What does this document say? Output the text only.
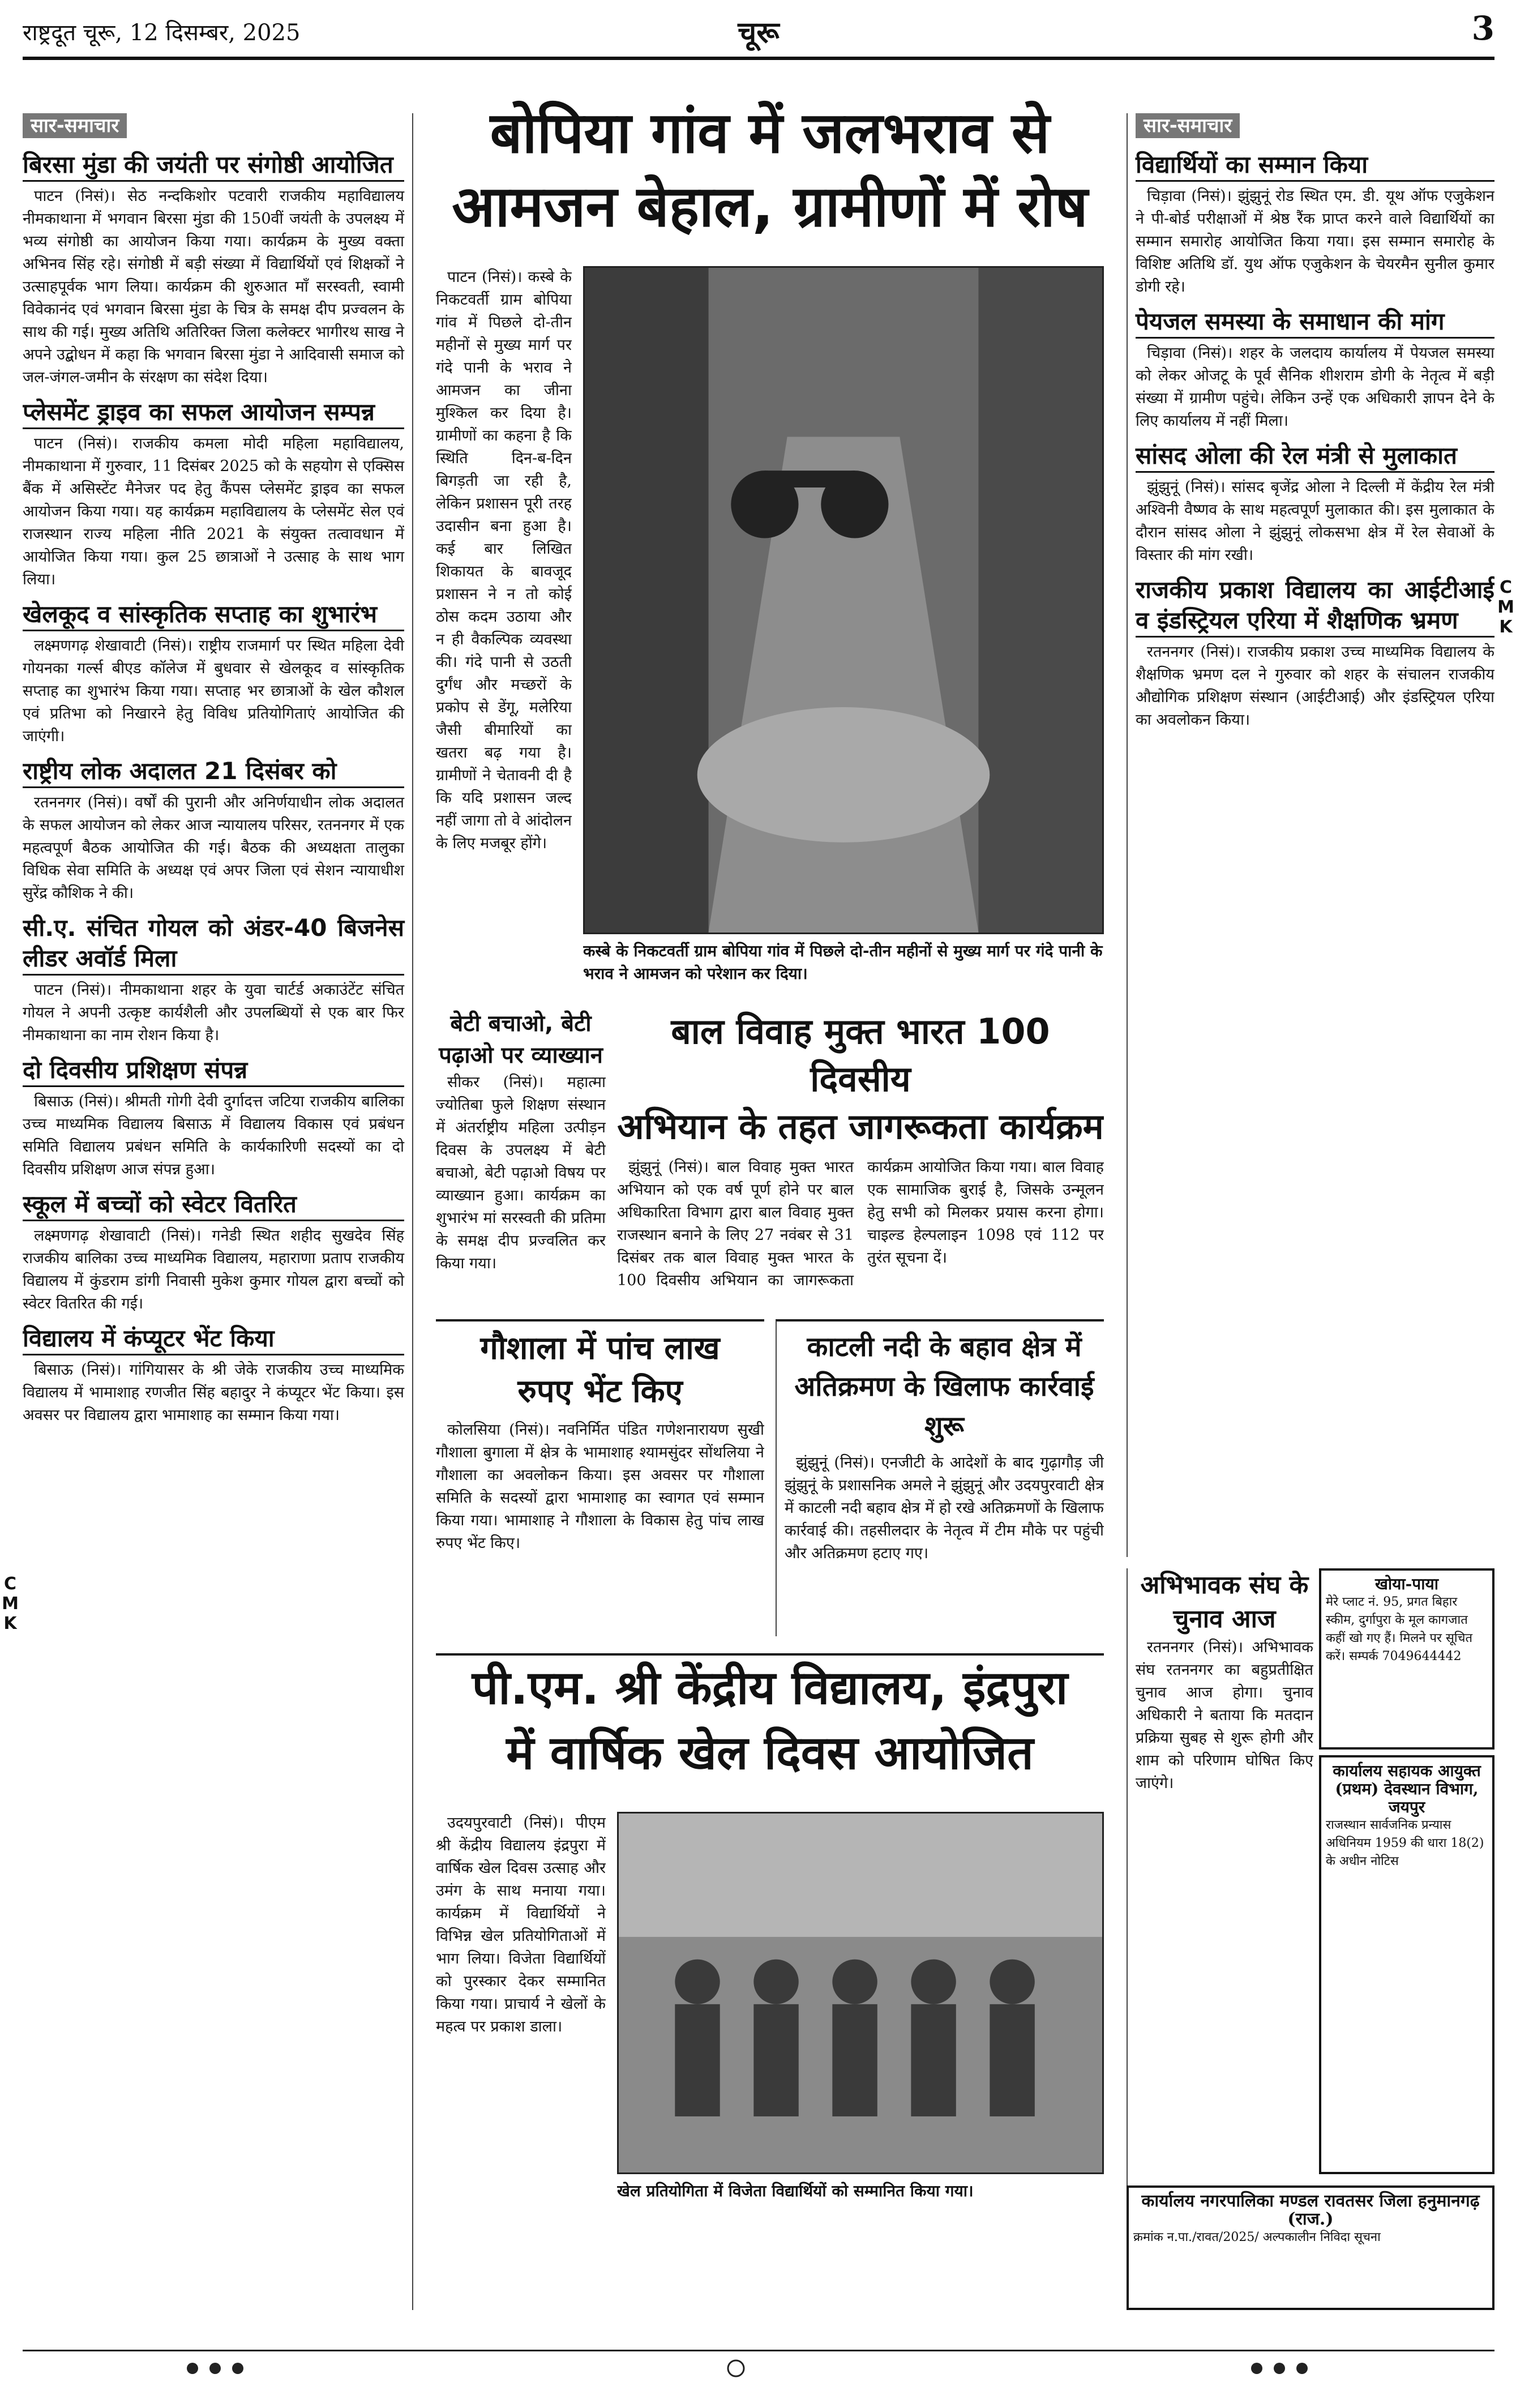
राष्ट्रदूत चूरू, 12 दिसम्बर, 2025	चूरू	3
सार-समाचार
बिरसा मुंडा की जयंती पर संगोष्ठी आयोजित

पाटन (निसं)। सेठ नन्दकिशोर पटवारी राजकीय महाविद्यालय नीमकाथाना में भगवान बिरसा मुंडा की 150वीं जयंती के उपलक्ष्य में भव्य संगोष्ठी का आयोजन किया गया। कार्यक्रम के मुख्य वक्ता अभिनव सिंह रहे। संगोष्ठी में बड़ी संख्या में विद्यार्थियों एवं शिक्षकों ने उत्साहपूर्वक भाग लिया। कार्यक्रम की शुरुआत माँ सरस्वती, स्वामी विवेकानंद एवं भगवान बिरसा मुंडा के चित्र के समक्ष दीप प्रज्वलन के साथ की गई। मुख्य अतिथि अतिरिक्त जिला कलेक्टर भागीरथ साख ने अपने उद्बोधन में कहा कि भगवान बिरसा मुंडा ने आदिवासी समाज को जल-जंगल-जमीन के संरक्षण का संदेश दिया।

प्लेसमेंट ड्राइव का सफल आयोजन सम्पन्न

पाटन (निसं)। राजकीय कमला मोदी महिला महाविद्यालय, नीमकाथाना में गुरुवार, 11 दिसंबर 2025 को के सहयोग से एक्सिस बैंक में असिस्टेंट मैनेजर पद हेतु कैंपस प्लेसमेंट ड्राइव का सफल आयोजन किया गया। यह कार्यक्रम महाविद्यालय के प्लेसमेंट सेल एवं राजस्थान राज्य महिला नीति 2021 के संयुक्त तत्वावधान में आयोजित किया गया। कुल 25 छात्राओं ने उत्साह के साथ भाग लिया।

खेलकूद व सांस्कृतिक सप्ताह का शुभारंभ

लक्ष्मणगढ़ शेखावाटी (निसं)। राष्ट्रीय राजमार्ग पर स्थित महिला देवी गोयनका गर्ल्स बीएड कॉलेज में बुधवार से खेलकूद व सांस्कृतिक सप्ताह का शुभारंभ किया गया। सप्ताह भर छात्राओं के खेल कौशल एवं प्रतिभा को निखारने हेतु विविध प्रतियोगिताएं आयोजित की जाएंगी।

राष्ट्रीय लोक अदालत 21 दिसंबर को

रतननगर (निसं)। वर्षों की पुरानी और अनिर्णयाधीन लोक अदालत के सफल आयोजन को लेकर आज न्यायालय परिसर, रतननगर में एक महत्वपूर्ण बैठक आयोजित की गई। बैठक की अध्यक्षता तालुका विधिक सेवा समिति के अध्यक्ष एवं अपर जिला एवं सेशन न्यायाधीश सुरेंद्र कौशिक ने की।

सी.ए. संचित गोयल को अंडर-40 बिजनेस लीडर अवॉर्ड मिला

पाटन (निसं)। नीमकाथाना शहर के युवा चार्टर्ड अकाउंटेंट संचित गोयल ने अपनी उत्कृष्ट कार्यशैली और उपलब्धियों से एक बार फिर नीमकाथाना का नाम रोशन किया है।

दो दिवसीय प्रशिक्षण संपन्न

बिसाऊ (निसं)। श्रीमती गोगी देवी दुर्गादत्त जटिया राजकीय बालिका उच्च माध्यमिक विद्यालय बिसाऊ में विद्यालय विकास एवं प्रबंधन समिति विद्यालय प्रबंधन समिति के कार्यकारिणी सदस्यों का दो दिवसीय प्रशिक्षण आज संपन्न हुआ।

स्कूल में बच्चों को स्वेटर वितरित

लक्ष्मणगढ़ शेखावाटी (निसं)। गनेडी स्थित शहीद सुखदेव सिंह राजकीय बालिका उच्च माध्यमिक विद्यालय, महाराणा प्रताप राजकीय विद्यालय में कुंडराम डांगी निवासी मुकेश कुमार गोयल द्वारा बच्चों को स्वेटर वितरित की गई।

विद्यालय में कंप्यूटर भेंट किया

बिसाऊ (निसं)। गांगियासर के श्री जेके राजकीय उच्च माध्यमिक विद्यालय में भामाशाह रणजीत सिंह बहादुर ने कंप्यूटर भेंट किया। इस अवसर पर विद्यालय द्वारा भामाशाह का सम्मान किया गया।

बोपिया गांव में जलभराव से
आमजन बेहाल, ग्रामीणों में रोष

पाटन (निसं)। कस्बे के निकटवर्ती ग्राम बोपिया गांव में पिछले दो-तीन महीनों से मुख्य मार्ग पर गंदे पानी के भराव ने आमजन का जीना मुश्किल कर दिया है। ग्रामीणों का कहना है कि स्थिति दिन-ब-दिन बिगड़ती जा रही है, लेकिन प्रशासन पूरी तरह उदासीन बना हुआ है। कई बार लिखित शिकायत के बावजूद प्रशासन ने न तो कोई ठोस कदम उठाया और न ही वैकल्पिक व्यवस्था की। गंदे पानी से उठती दुर्गंध और मच्छरों के प्रकोप से डेंगू, मलेरिया जैसी बीमारियों का खतरा बढ़ गया है। ग्रामीणों ने चेतावनी दी है कि यदि प्रशासन जल्द नहीं जागा तो वे आंदोलन के लिए मजबूर होंगे।

कस्बे के निकटवर्ती ग्राम बोपिया गांव में पिछले दो-तीन महीनों से मुख्य मार्ग पर गंदे पानी के भराव ने आमजन को परेशान कर दिया।
बेटी बचाओ, बेटी पढ़ाओ पर व्याख्यान

सीकर (निसं)। महात्मा ज्योतिबा फुले शिक्षण संस्थान में अंतर्राष्ट्रीय महिला उत्पीड़न दिवस के उपलक्ष्य में बेटी बचाओ, बेटी पढ़ाओ विषय पर व्याख्यान हुआ। कार्यक्रम का शुभारंभ मां सरस्वती की प्रतिमा के समक्ष दीप प्रज्वलित कर किया गया।

बाल विवाह मुक्त भारत 100 दिवसीय
अभियान के तहत जागरूकता कार्यक्रम

झुंझुनूं (निसं)। बाल विवाह मुक्त भारत अभियान को एक वर्ष पूर्ण होने पर बाल अधिकारिता विभाग द्वारा बाल विवाह मुक्त राजस्थान बनाने के लिए 27 नवंबर से 31 दिसंबर तक बाल विवाह मुक्त भारत के 100 दिवसीय अभियान का जागरूकता कार्यक्रम आयोजित किया गया। बाल विवाह एक सामाजिक बुराई है, जिसके उन्मूलन हेतु सभी को मिलकर प्रयास करना होगा। चाइल्ड हेल्पलाइन 1098 एवं 112 पर तुरंत सूचना दें।

गौशाला में पांच लाख
रुपए भेंट किए

कोलसिया (निसं)। नवनिर्मित पंडित गणेशनारायण सुखी गौशाला बुगाला में क्षेत्र के भामाशाह श्यामसुंदर सोंथलिया ने गौशाला का अवलोकन किया। इस अवसर पर गौशाला समिति के सदस्यों द्वारा भामाशाह का स्वागत एवं सम्मान किया गया। भामाशाह ने गौशाला के विकास हेतु पांच लाख रुपए भेंट किए।

काटली नदी के बहाव क्षेत्र में
अतिक्रमण के खिलाफ कार्रवाई शुरू

झुंझुनूं (निसं)। एनजीटी के आदेशों के बाद गुढ़ागौड़ जी झुंझुनूं के प्रशासनिक अमले ने झुंझुनूं और उदयपुरवाटी क्षेत्र में काटली नदी बहाव क्षेत्र में हो रखे अतिक्रमणों के खिलाफ कार्रवाई की। तहसीलदार के नेतृत्व में टीम मौके पर पहुंची और अतिक्रमण हटाए गए।

पी.एम. श्री केंद्रीय विद्यालय, इंद्रपुरा
में वार्षिक खेल दिवस आयोजित

उदयपुरवाटी (निसं)। पीएम श्री केंद्रीय विद्यालय इंद्रपुरा में वार्षिक खेल दिवस उत्साह और उमंग के साथ मनाया गया। कार्यक्रम में विद्यार्थियों ने विभिन्न खेल प्रतियोगिताओं में भाग लिया। विजेता विद्यार्थियों को पुरस्कार देकर सम्मानित किया गया। प्राचार्य ने खेलों के महत्व पर प्रकाश डाला।

खेल प्रतियोगिता में विजेता विद्यार्थियों को सम्मानित किया गया।
सार-समाचार
विद्यार्थियों का सम्मान किया

चिड़ावा (निसं)। झुंझुनूं रोड स्थित एम. डी. यूथ ऑफ एजुकेशन ने पी-बोर्ड परीक्षाओं में श्रेष्ठ रैंक प्राप्त करने वाले विद्यार्थियों का सम्मान समारोह आयोजित किया गया। इस सम्मान समारोह के विशिष्ट अतिथि डॉ. युथ ऑफ एजुकेशन के चेयरमैन सुनील कुमार डोगी रहे।

पेयजल समस्या के समाधान की मांग

चिड़ावा (निसं)। शहर के जलदाय कार्यालय में पेयजल समस्या को लेकर ओजटू के पूर्व सैनिक शीशराम डोगी के नेतृत्व में बड़ी संख्या में ग्रामीण पहुंचे। लेकिन उन्हें एक अधिकारी ज्ञापन देने के लिए कार्यालय में नहीं मिला।

सांसद ओला की रेल मंत्री से मुलाकात

झुंझुनूं (निसं)। सांसद बृजेंद्र ओला ने दिल्ली में केंद्रीय रेल मंत्री अश्विनी वैष्णव के साथ महत्वपूर्ण मुलाकात की। इस मुलाकात के दौरान सांसद ओला ने झुंझुनूं लोकसभा क्षेत्र में रेल सेवाओं के विस्तार की मांग रखी।

राजकीय प्रकाश विद्यालय का आईटीआई व इंडस्ट्रियल एरिया में शैक्षणिक भ्रमण

रतननगर (निसं)। राजकीय प्रकाश उच्च माध्यमिक विद्यालय के शैक्षणिक भ्रमण दल ने गुरुवार को शहर के संचालन राजकीय औद्योगिक प्रशिक्षण संस्थान (आईटीआई) और इंडस्ट्रियल एरिया का अवलोकन किया।

अभिभावक संघ के चुनाव आज

रतननगर (निसं)। अभिभावक संघ रतननगर का बहुप्रतीक्षित चुनाव आज होगा। चुनाव अधिकारी ने बताया कि मतदान प्रक्रिया सुबह से शुरू होगी और शाम को परिणाम घोषित किए जाएंगे।

खोया-पाया
मेरे प्लाट नं. 95, प्रगत बिहार स्कीम, दुर्गापुरा के मूल कागजात कहीं खो गए हैं। मिलने पर सूचित करें। सम्पर्क 7049644442
कार्यालय सहायक आयुक्त (प्रथम) देवस्थान विभाग, जयपुर
राजस्थान सार्वजनिक प्रन्यास अधिनियम 1959 की धारा 18(2) के अधीन नोटिस
कार्यालय नगरपालिका मण्डल रावतसर जिला हनुमानगढ़ (राज.)
क्रमांक न.पा./रावत/2025/ अल्पकालीन निविदा सूचना
C
M
K
C
M
K
